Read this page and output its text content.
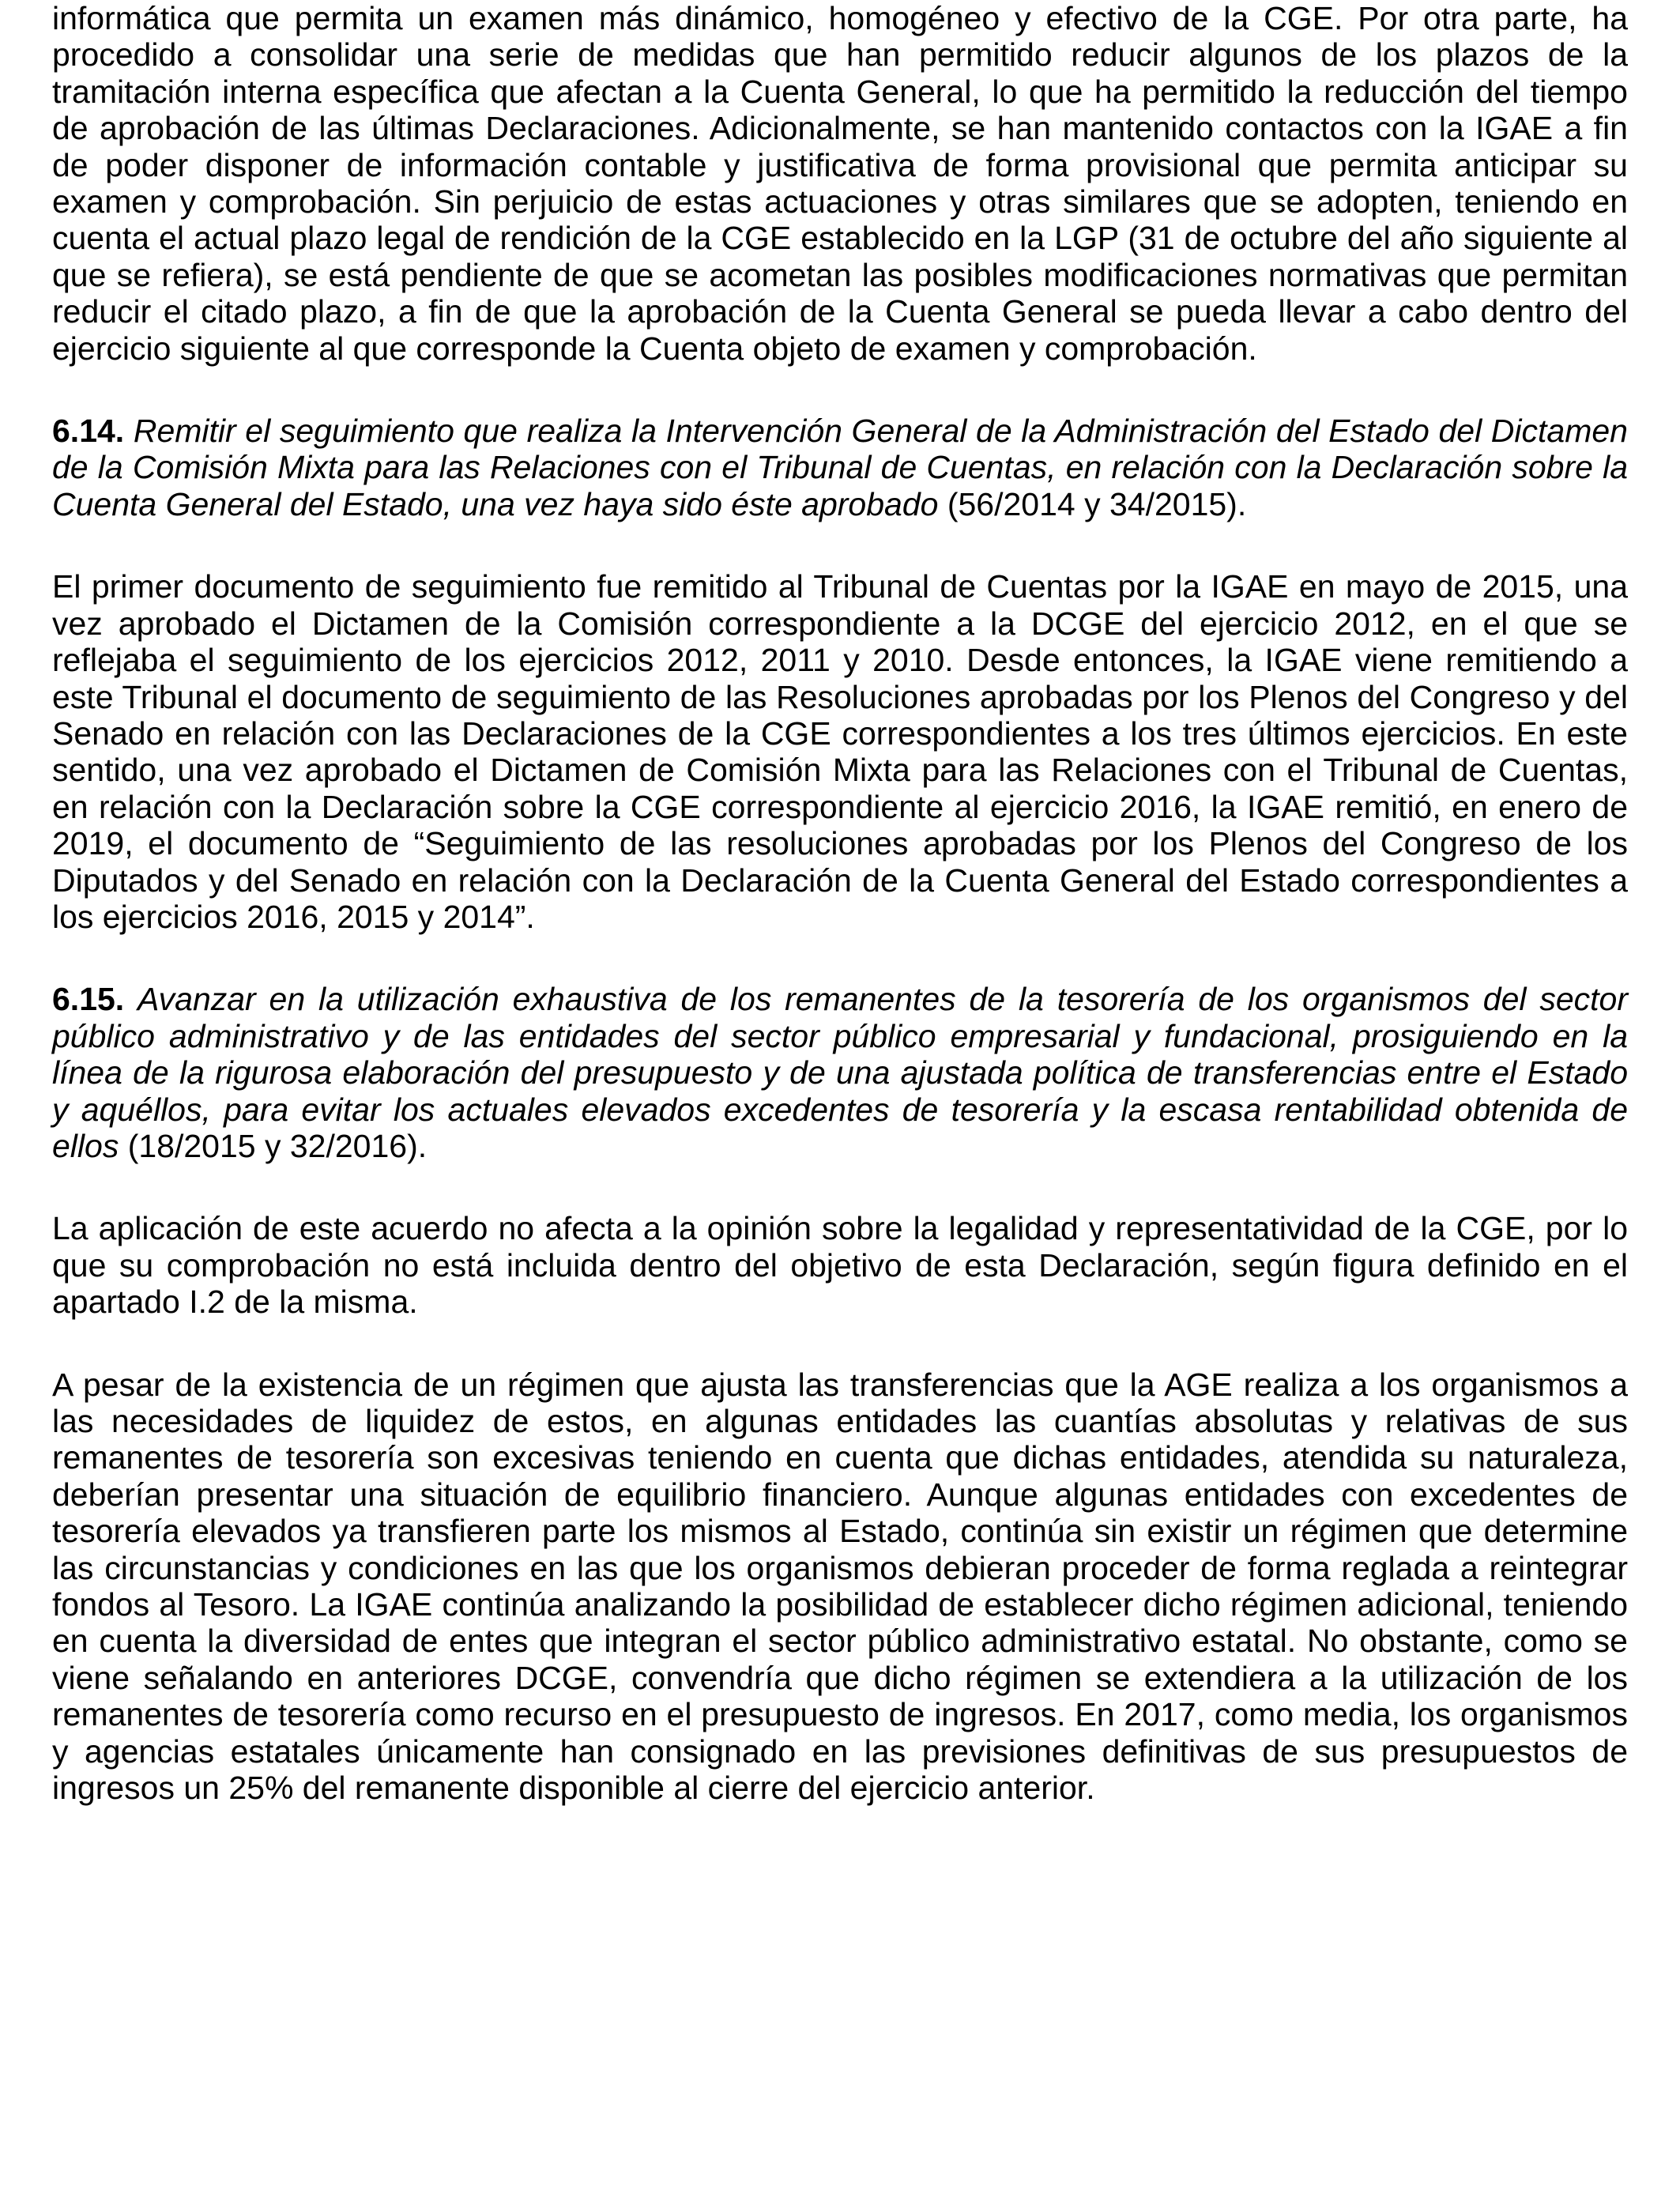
informática que permita un examen más dinámico, homogéneo y efectivo de la CGE. Por otra parte, ha procedido a consolidar una serie de medidas que han permitido reducir algunos de los plazos de la tramitación interna específica que afectan a la Cuenta General, lo que ha permitido la reducción del tiempo de aprobación de las últimas Declaraciones. Adicionalmente, se han mantenido contactos con la IGAE a fin de poder disponer de información contable y justificativa de forma provisional que permita anticipar su examen y comprobación. Sin perjuicio de estas actuaciones y otras similares que se adopten, teniendo en cuenta el actual plazo legal de rendición de la CGE establecido en la LGP (31 de octubre del año siguiente al que se refiera), se está pendiente de que se acometan las posibles modificaciones normativas que permitan reducir el citado plazo, a fin de que la aprobación de la Cuenta General se pueda llevar a cabo dentro del ejercicio siguiente al que corresponde la Cuenta objeto de examen y comprobación.

6.14. Remitir el seguimiento que realiza la Intervención General de la Administración del Estado del Dictamen de la Comisión Mixta para las Relaciones con el Tribunal de Cuentas, en relación con la Declaración sobre la Cuenta General del Estado, una vez haya sido éste aprobado (56/2014 y 34/2015).

El primer documento de seguimiento fue remitido al Tribunal de Cuentas por la IGAE en mayo de 2015, una vez aprobado el Dictamen de la Comisión correspondiente a la DCGE del ejercicio 2012, en el que se reflejaba el seguimiento de los ejercicios 2012, 2011 y 2010. Desde entonces, la IGAE viene remitiendo a este Tribunal el documento de seguimiento de las Resoluciones aprobadas por los Plenos del Congreso y del Senado en relación con las Declaraciones de la CGE correspondientes a los tres últimos ejercicios. En este sentido, una vez aprobado el Dictamen de Comisión Mixta para las Relaciones con el Tribunal de Cuentas, en relación con la Declaración sobre la CGE correspondiente al ejercicio 2016, la IGAE remitió, en enero de 2019, el documento de “Seguimiento de las resoluciones aprobadas por los Plenos del Congreso de los Diputados y del Senado en relación con la Declaración de la Cuenta General del Estado correspondientes a los ejercicios 2016, 2015 y 2014”.

6.15. Avanzar en la utilización exhaustiva de los remanentes de la tesorería de los organismos del sector público administrativo y de las entidades del sector público empresarial y fundacional, prosiguiendo en la línea de la rigurosa elaboración del presupuesto y de una ajustada política de transferencias entre el Estado y aquéllos, para evitar los actuales elevados excedentes de tesorería y la escasa rentabilidad obtenida de ellos (18/2015 y 32/2016).

La aplicación de este acuerdo no afecta a la opinión sobre la legalidad y representatividad de la CGE, por lo que su comprobación no está incluida dentro del objetivo de esta Declaración, según figura definido en el apartado I.2 de la misma.

A pesar de la existencia de un régimen que ajusta las transferencias que la AGE realiza a los organismos a las necesidades de liquidez de estos, en algunas entidades las cuantías absolutas y relativas de sus remanentes de tesorería son excesivas teniendo en cuenta que dichas entidades, atendida su naturaleza, deberían presentar una situación de equilibrio financiero. Aunque algunas entidades con excedentes de tesorería elevados ya transfieren parte los mismos al Estado, continúa sin existir un régimen que determine las circunstancias y condiciones en las que los organismos debieran proceder de forma reglada a reintegrar fondos al Tesoro. La IGAE continúa analizando la posibilidad de establecer dicho régimen adicional, teniendo en cuenta la diversidad de entes que integran el sector público administrativo estatal. No obstante, como se viene señalando en anteriores DCGE, convendría que dicho régimen se extendiera a la utilización de los remanentes de tesorería como recurso en el presupuesto de ingresos. En 2017, como media, los organismos y agencias estatales únicamente han consignado en las previsiones definitivas de sus presupuestos de ingresos un 25% del remanente disponible al cierre del ejercicio anterior.
